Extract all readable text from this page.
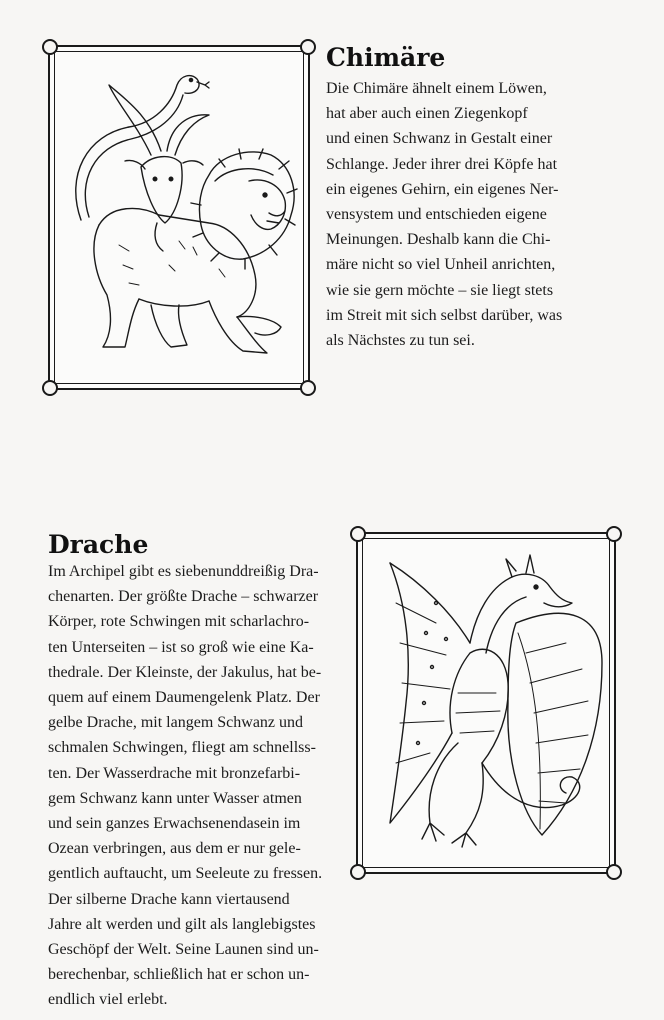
Chimäre

Die Chimäre ähnelt einem Löwen,
hat aber auch einen Ziegenkopf
und einen Schwanz in Gestalt einer
Schlange. Jeder ihrer drei Köpfe hat
ein eigenes Gehirn, ein eigenes Ner-
vensystem und entschieden eigene
Meinungen. Deshalb kann die Chi-
märe nicht so viel Unheil anrichten,
wie sie gern möchte – sie liegt stets
im Streit mit sich selbst darüber, was
als Nächstes zu tun sei.

Drache

Im Archipel gibt es siebenunddreißig Dra-
chenarten. Der größte Drache – schwarzer
Körper, rote Schwingen mit scharlachro-
ten Unterseiten – ist so groß wie eine Ka-
thedrale. Der Kleinste, der Jakulus, hat be-
quem auf einem Daumengelenk Platz. Der
gelbe Drache, mit langem Schwanz und
schmalen Schwingen, fliegt am schnellss-
ten. Der Wasserdrache mit bronzefarbi-
gem Schwanz kann unter Wasser atmen
und sein ganzes Erwachsenendasein im
Ozean verbringen, aus dem er nur gele-
gentlich auftaucht, um Seeleute zu fressen.
Der silberne Drache kann viertausend
Jahre alt werden und gilt als langlebigstes
Geschöpf der Welt. Seine Launen sind un-
berechenbar, schließlich hat er schon un-
endlich viel erlebt.
